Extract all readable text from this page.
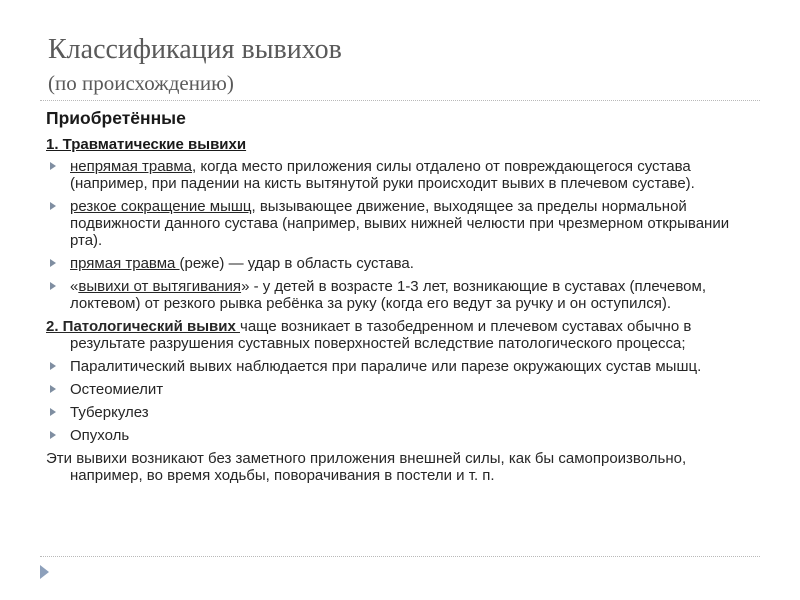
Классификация вывихов
(по происхождению)
Приобретённые
1. Травматические вывихи
непрямая травма, когда место приложения силы отдалено от повреждающегося сустава (например, при падении на кисть вытянутой руки происходит вывих в плечевом суставе).
резкое сокращение мышц, вызывающее движение, выходящее за пределы нормальной подвижности данного сустава (например, вывих нижней челюсти при чрезмерном открывании рта).
прямая травма (реже) — удар в область сустава.
«вывихи от вытягивания» - у детей в возрасте 1-3 лет, возникающие в суставах (плечевом, локтевом) от резкого рывка ребёнка за руку (когда его ведут за ручку и он оступился).
2. Патологический вывих чаще возникает в тазобедренном и плечевом суставах обычно в результате разрушения суставных поверхностей вследствие патологического процесса;
Паралитический вывих наблюдается при параличе или парезе окружающих сустав мышц.
Остеомиелит
Туберкулез
Опухоль
Эти вывихи возникают без заметного приложения внешней силы, как бы самопроизвольно, например, во время ходьбы, поворачивания в постели и т. п.
